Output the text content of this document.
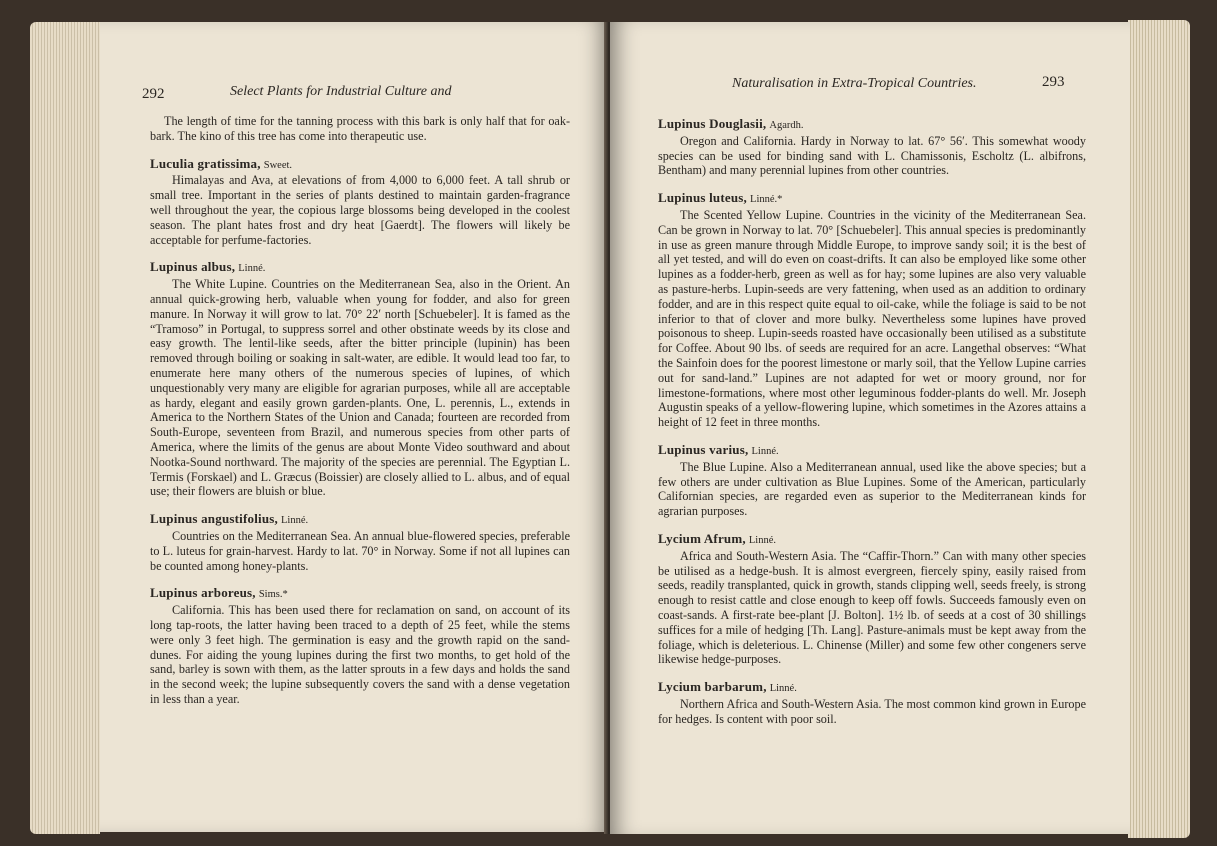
292	Select Plants for Industrial Culture and

The length of time for the tanning process with this bark is only half that for oak-bark. The kino of this tree has come into therapeutic use.

Luculia gratissima, Sweet.

Himalayas and Ava, at elevations of from 4,000 to 6,000 feet. A tall shrub or small tree. Important in the series of plants destined to maintain garden-fragrance well throughout the year, the copious large blossoms being developed in the coolest season. The plant hates frost and dry heat [Gaerdt]. The flowers will likely be acceptable for perfume-factories.

Lupinus albus, Linné.

The White Lupine. Countries on the Mediterranean Sea, also in the Orient. An annual quick-growing herb, valuable when young for fodder, and also for green manure. In Norway it will grow to lat. 70° 22′ north [Schuebeler]. It is famed as the “Tramoso” in Portugal, to suppress sorrel and other obstinate weeds by its close and easy growth. The lentil-like seeds, after the bitter principle (lupinin) has been removed through boiling or soaking in salt-water, are edible. It would lead too far, to enumerate here many others of the numerous species of lupines, of which unquestionably very many are eligible for agrarian purposes, while all are acceptable as hardy, elegant and easily grown garden-plants. One, L. perennis, L., extends in America to the Northern States of the Union and Canada; fourteen are recorded from South-Europe, seventeen from Brazil, and numerous species from other parts of America, where the limits of the genus are about Monte Video southward and about Nootka-Sound northward. The majority of the species are perennial. The Egyptian L. Termis (Forskael) and L. Græcus (Boissier) are closely allied to L. albus, and of equal use; their flowers are bluish or blue.

Lupinus angustifolius, Linné.

Countries on the Mediterranean Sea. An annual blue-flowered species, preferable to L. luteus for grain-harvest. Hardy to lat. 70° in Norway. Some if not all lupines can be counted among honey-plants.

Lupinus arboreus, Sims.*

California. This has been used there for reclamation on sand, on account of its long tap-roots, the latter having been traced to a depth of 25 feet, while the stems were only 3 feet high. The germination is easy and the growth rapid on the sand-dunes. For aiding the young lupines during the first two months, to get hold of the sand, barley is sown with them, as the latter sprouts in a few days and holds the sand in the second week; the lupine subsequently covers the sand with a dense vegetation in less than a year.

Naturalisation in Extra-Tropical Countries.	293
Lupinus Douglasii, Agardh.

Oregon and California. Hardy in Norway to lat. 67° 56′. This somewhat woody species can be used for binding sand with L. Chamissonis, Escholtz (L. albifrons, Bentham) and many perennial lupines from other countries.

Lupinus luteus, Linné.*

The Scented Yellow Lupine. Countries in the vicinity of the Mediterranean Sea. Can be grown in Norway to lat. 70° [Schuebeler]. This annual species is predominantly in use as green manure through Middle Europe, to improve sandy soil; it is the best of all yet tested, and will do even on coast-drifts. It can also be employed like some other lupines as a fodder-herb, green as well as for hay; some lupines are also very valuable as pasture-herbs. Lupin-seeds are very fattening, when used as an addition to ordinary fodder, and are in this respect quite equal to oil-cake, while the foliage is said to be not inferior to that of clover and more bulky. Nevertheless some lupines have proved poisonous to sheep. Lupin-seeds roasted have occasionally been utilised as a substitute for Coffee. About 90 lbs. of seeds are required for an acre. Langethal observes: “What the Sainfoin does for the poorest limestone or marly soil, that the Yellow Lupine carries out for sand-land.” Lupines are not adapted for wet or moory ground, nor for limestone-formations, where most other leguminous fodder-plants do well. Mr. Joseph Augustin speaks of a yellow-flowering lupine, which sometimes in the Azores attains a height of 12 feet in three months.

Lupinus varius, Linné.

The Blue Lupine. Also a Mediterranean annual, used like the above species; but a few others are under cultivation as Blue Lupines. Some of the American, particularly Californian species, are regarded even as superior to the Mediterranean kinds for agrarian purposes.

Lycium Afrum, Linné.

Africa and South-Western Asia. The “Caffir-Thorn.” Can with many other species be utilised as a hedge-bush. It is almost evergreen, fiercely spiny, easily raised from seeds, readily transplanted, quick in growth, stands clipping well, seeds freely, is strong enough to resist cattle and close enough to keep off fowls. Succeeds famously even on coast-sands. A first-rate bee-plant [J. Bolton]. 1½ lb. of seeds at a cost of 30 shillings suffices for a mile of hedging [Th. Lang]. Pasture-animals must be kept away from the foliage, which is deleterious. L. Chinense (Miller) and some few other congeners serve likewise hedge-purposes.

Lycium barbarum, Linné.

Northern Africa and South-Western Asia. The most common kind grown in Europe for hedges. Is content with poor soil.
